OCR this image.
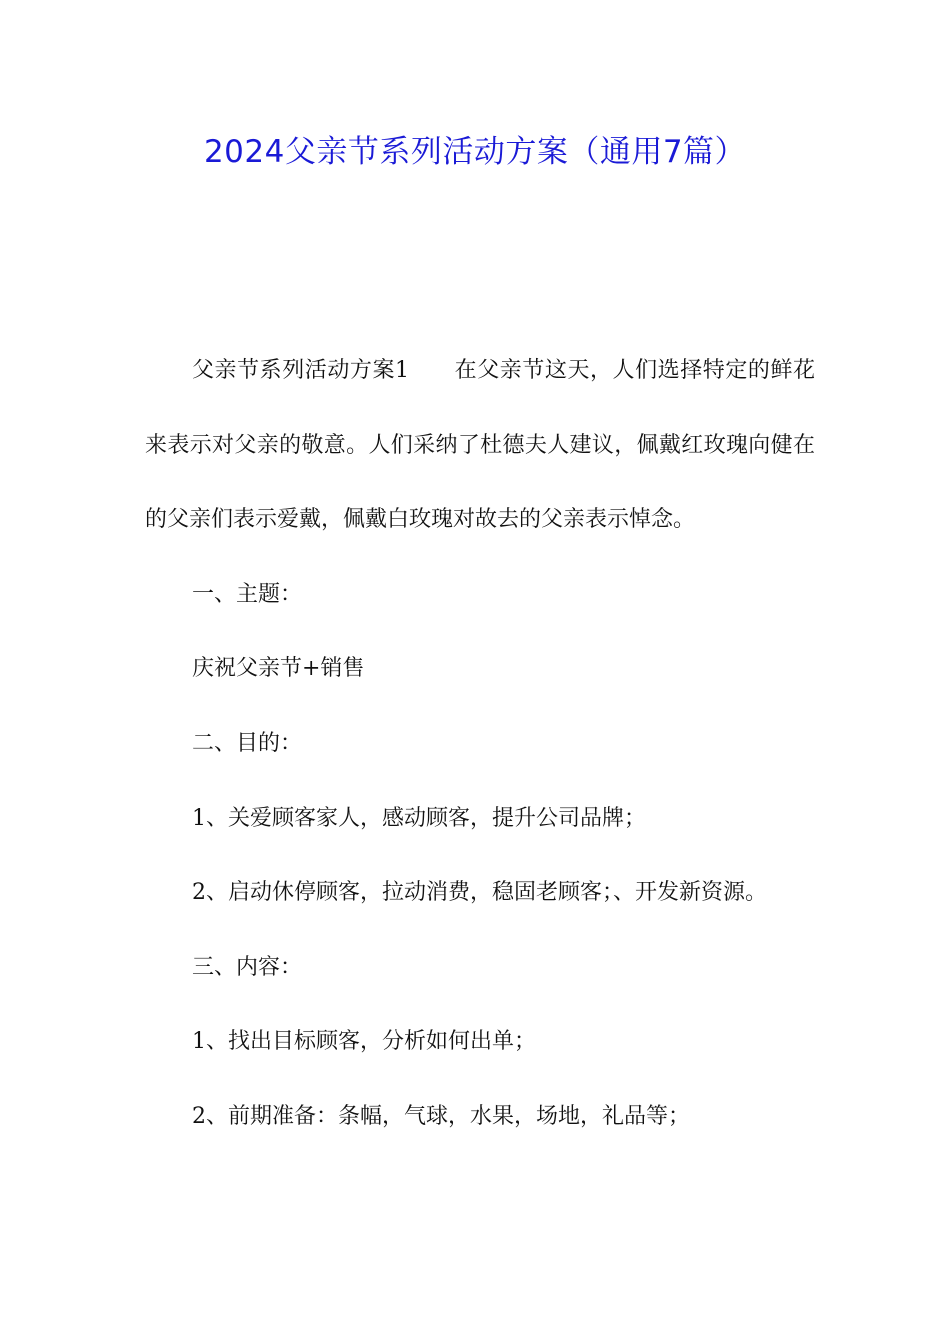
2024父亲节系列活动方案（通用7篇）

父亲节系列活动方案1　　在父亲节这天，人们选择特定的鲜花来表示对父亲的敬意。人们采纳了杜德夫人建议，佩戴红玫瑰向健在的父亲们表示爱戴，佩戴白玫瑰对故去的父亲表示悼念。

一、主题：

庆祝父亲节+销售

二、目的：

1、关爱顾客家人，感动顾客，提升公司品牌；

2、启动休停顾客，拉动消费，稳固老顾客；、开发新资源。

三、内容：

1、找出目标顾客，分析如何出单；

2、前期准备：条幅，气球，水果，场地，礼品等；
